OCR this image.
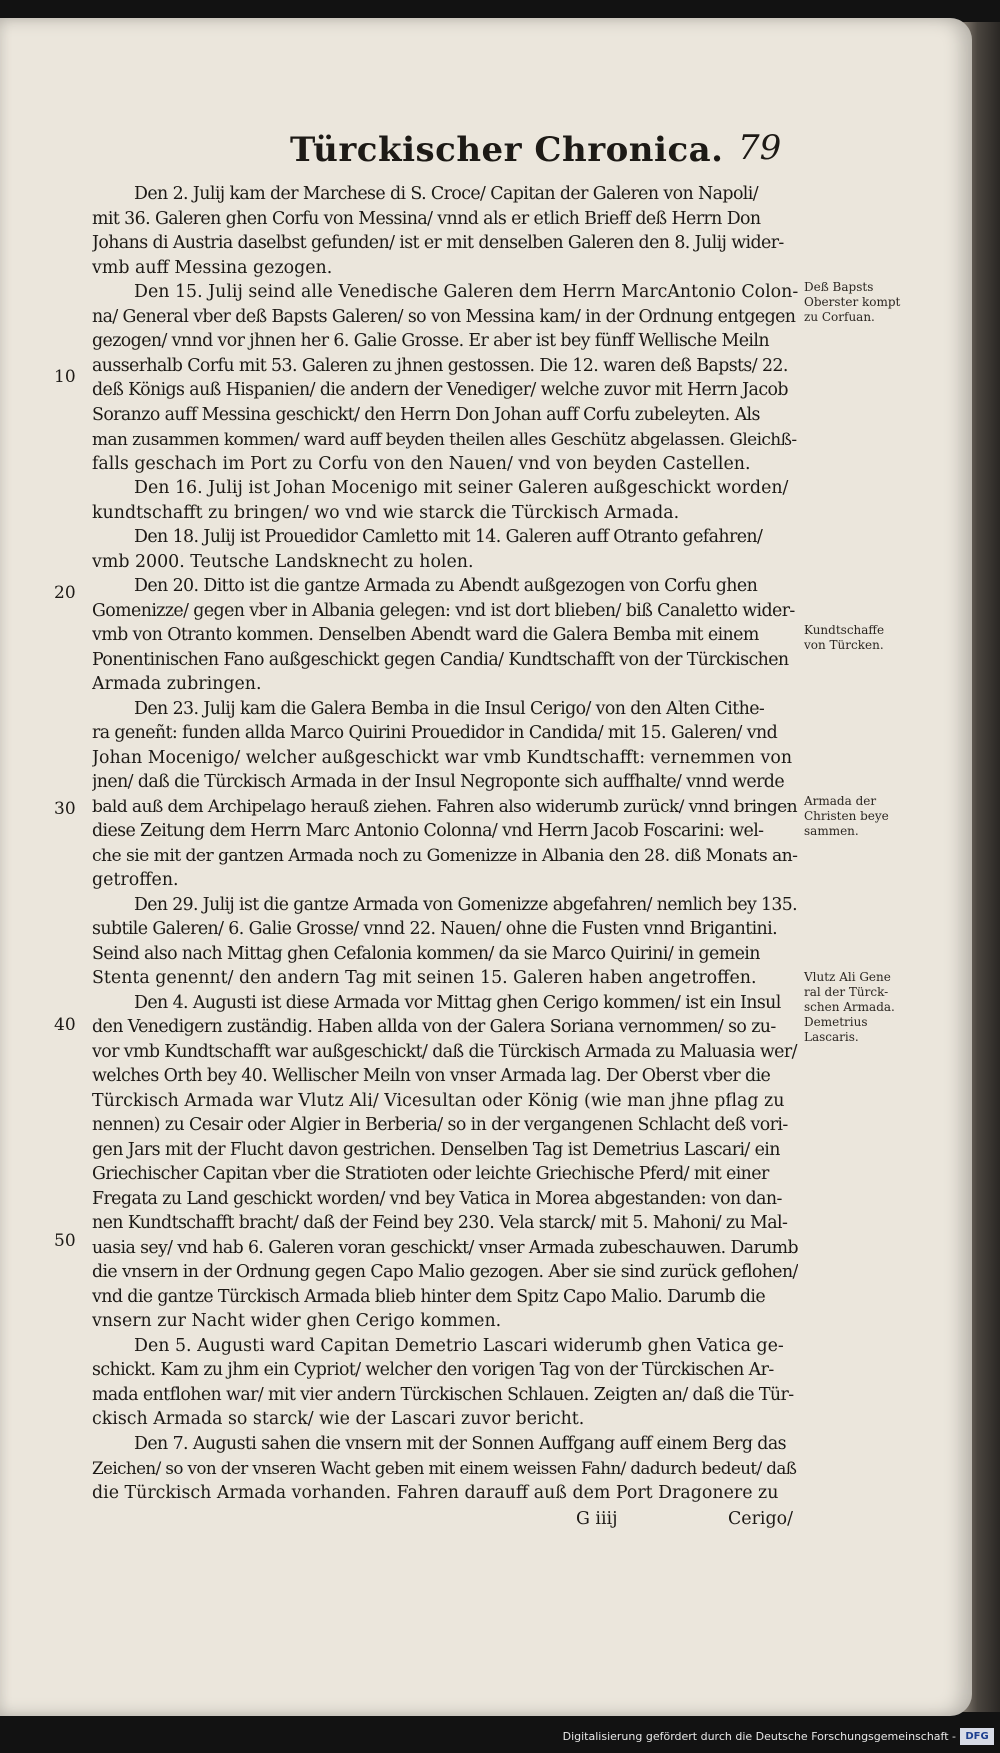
Türckischer Chronica. 79
Den 2. Julij kam der Marchese di S. Croce/ Capitan der Galeren von Napoli/
mit 36. Galeren ghen Corfu von Messina/ vnnd als er etlich Brieff deß Herrn Don
Johans di Austria daselbst gefunden/ ist er mit denselben Galeren den 8. Julij wider-
vmb auff Messina gezogen.
Den 15. Julij seind alle Venedische Galeren dem Herrn MarcAntonio Colon-
na/ General vber deß Bapsts Galeren/ so von Messina kam/ in der Ordnung entgegen
gezogen/ vnnd vor jhnen her 6. Galie Grosse. Er aber ist bey fünff Wellische Meiln
ausserhalb Corfu mit 53. Galeren zu jhnen gestossen. Die 12. waren deß Bapsts/ 22.
deß Königs auß Hispanien/ die andern der Venediger/ welche zuvor mit Herrn Jacob
Soranzo auff Messina geschickt/ den Herrn Don Johan auff Corfu zubeleyten. Als
man zusammen kommen/ ward auff beyden theilen alles Geschütz abgelassen. Gleichß-
falls geschach im Port zu Corfu von den Nauen/ vnd von beyden Castellen.
Den 16. Julij ist Johan Mocenigo mit seiner Galeren außgeschickt worden/
kundtschafft zu bringen/ wo vnd wie starck die Türckisch Armada.
Den 18. Julij ist Prouedidor Camletto mit 14. Galeren auff Otranto gefahren/
vmb 2000. Teutsche Landsknecht zu holen.
Den 20. Ditto ist die gantze Armada zu Abendt außgezogen von Corfu ghen
Gomenizze/ gegen vber in Albania gelegen: vnd ist dort blieben/ biß Canaletto wider-
vmb von Otranto kommen. Denselben Abendt ward die Galera Bemba mit einem
Ponentinischen Fano außgeschickt gegen Candia/ Kundtschafft von der Türckischen
Armada zubringen.
Den 23. Julij kam die Galera Bemba in die Insul Cerigo/ von den Alten Cithe-
ra geneñt: funden allda Marco Quirini Prouedidor in Candida/ mit 15. Galeren/ vnd
Johan Mocenigo/ welcher außgeschickt war vmb Kundtschafft: vernemmen von
jnen/ daß die Türckisch Armada in der Insul Negroponte sich auffhalte/ vnnd werde
bald auß dem Archipelago herauß ziehen. Fahren also widerumb zurück/ vnnd bringen
diese Zeitung dem Herrn Marc Antonio Colonna/ vnd Herrn Jacob Foscarini: wel-
che sie mit der gantzen Armada noch zu Gomenizze in Albania den 28. diß Monats an-
getroffen.
Den 29. Julij ist die gantze Armada von Gomenizze abgefahren/ nemlich bey 135.
subtile Galeren/ 6. Galie Grosse/ vnnd 22. Nauen/ ohne die Fusten vnnd Brigantini.
Seind also nach Mittag ghen Cefalonia kommen/ da sie Marco Quirini/ in gemein
Stenta genennt/ den andern Tag mit seinen 15. Galeren haben angetroffen.
Den 4. Augusti ist diese Armada vor Mittag ghen Cerigo kommen/ ist ein Insul
den Venedigern zuständig. Haben allda von der Galera Soriana vernommen/ so zu-
vor vmb Kundtschafft war außgeschickt/ daß die Türckisch Armada zu Maluasia wer/
welches Orth bey 40. Wellischer Meiln von vnser Armada lag. Der Oberst vber die
Türckisch Armada war Vlutz Ali/ Vicesultan oder König (wie man jhne pflag zu
nennen) zu Cesair oder Algier in Berberia/ so in der vergangenen Schlacht deß vori-
gen Jars mit der Flucht davon gestrichen. Denselben Tag ist Demetrius Lascari/ ein
Griechischer Capitan vber die Stratioten oder leichte Griechische Pferd/ mit einer
Fregata zu Land geschickt worden/ vnd bey Vatica in Morea abgestanden: von dan-
nen Kundtschafft bracht/ daß der Feind bey 230. Vela starck/ mit 5. Mahoni/ zu Mal-
uasia sey/ vnd hab 6. Galeren voran geschickt/ vnser Armada zubeschauwen. Darumb
die vnsern in der Ordnung gegen Capo Malio gezogen. Aber sie sind zurück geflohen/
vnd die gantze Türckisch Armada blieb hinter dem Spitz Capo Malio. Darumb die
vnsern zur Nacht wider ghen Cerigo kommen.
Den 5. Augusti ward Capitan Demetrio Lascari widerumb ghen Vatica ge-
schickt. Kam zu jhm ein Cypriot/ welcher den vorigen Tag von der Türckischen Ar-
mada entflohen war/ mit vier andern Türckischen Schlauen. Zeigten an/ daß die Tür-
ckisch Armada so starck/ wie der Lascari zuvor bericht.
Den 7. Augusti sahen die vnsern mit der Sonnen Auffgang auff einem Berg das
Zeichen/ so von der vnseren Wacht geben mit einem weissen Fahn/ dadurch bedeut/ daß
die Türckisch Armada vorhanden. Fahren darauff auß dem Port Dragonere zu
10
20
30
40
50
Deß Bapsts
Oberster kompt
zu Corfuan.
Kundtschaffe
von Türcken.
Armada der
Christen beye
sammen.
Vlutz Ali Gene
ral der Türck-
schen Armada.
Demetrius
Lascaris.
G iiij	Cerigo/
Digitalisierung gefördert durch die Deutsche Forschungsgemeinschaft - DFG
